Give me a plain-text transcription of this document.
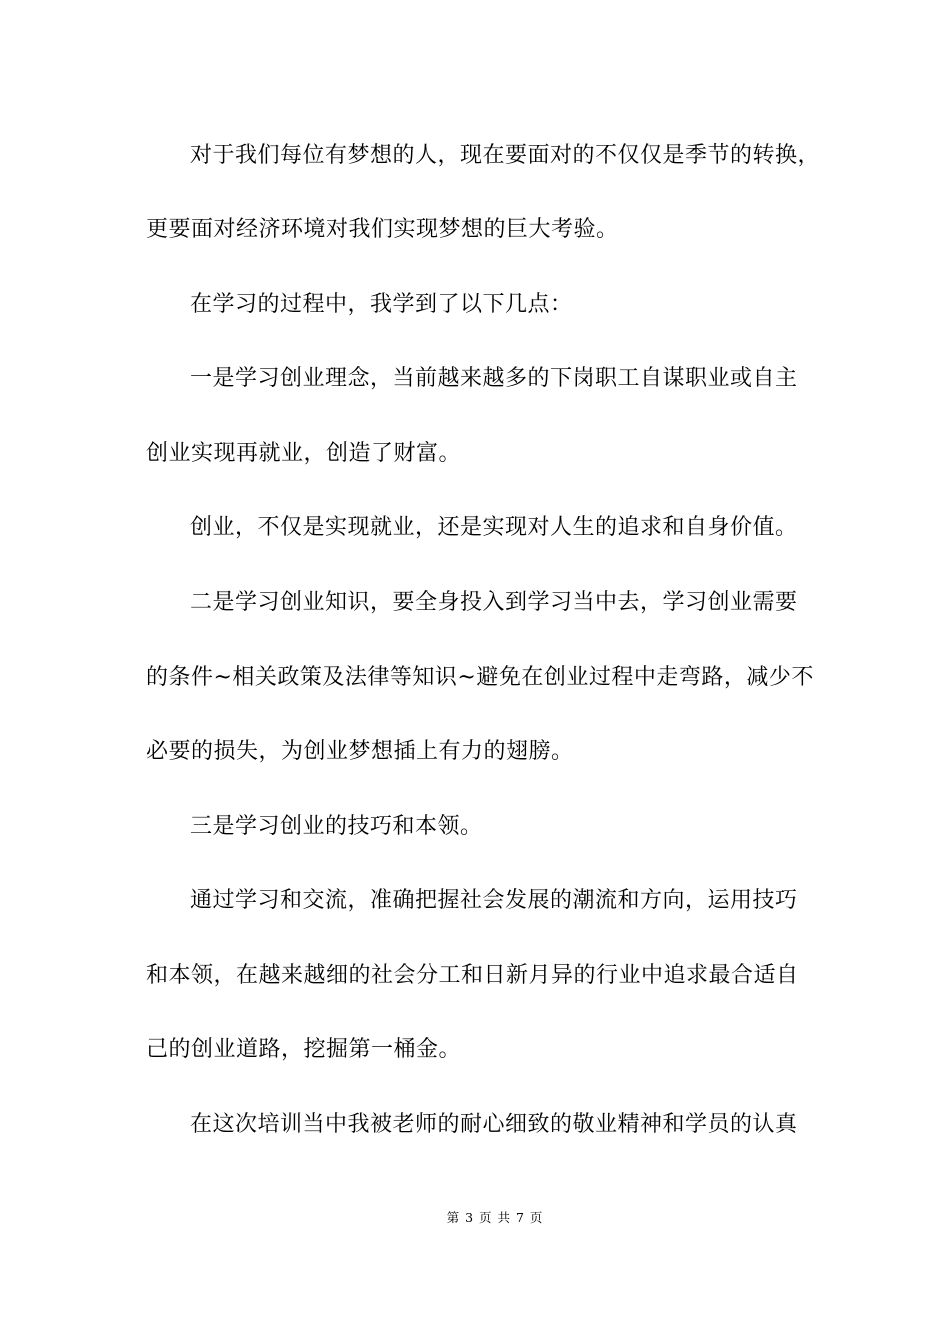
对于我们每位有梦想的人，现在要面对的不仅仅是季节的转换，
更要面对经济环境对我们实现梦想的巨大考验。
在学习的过程中，我学到了以下几点：
一是学习创业理念，当前越来越多的下岗职工自谋职业或自主
创业实现再就业，创造了财富。
创业，不仅是实现就业，还是实现对人生的追求和自身价值。
二是学习创业知识，要全身投入到学习当中去，学习创业需要
的条件~相关政策及法律等知识~避免在创业过程中走弯路，减少不
必要的损失，为创业梦想插上有力的翅膀。
三是学习创业的技巧和本领。
通过学习和交流，准确把握社会发展的潮流和方向，运用技巧
和本领，在越来越细的社会分工和日新月异的行业中追求最合适自
己的创业道路，挖掘第一桶金。
在这次培训当中我被老师的耐心细致的敬业精神和学员的认真
第 3 页 共 7 页
